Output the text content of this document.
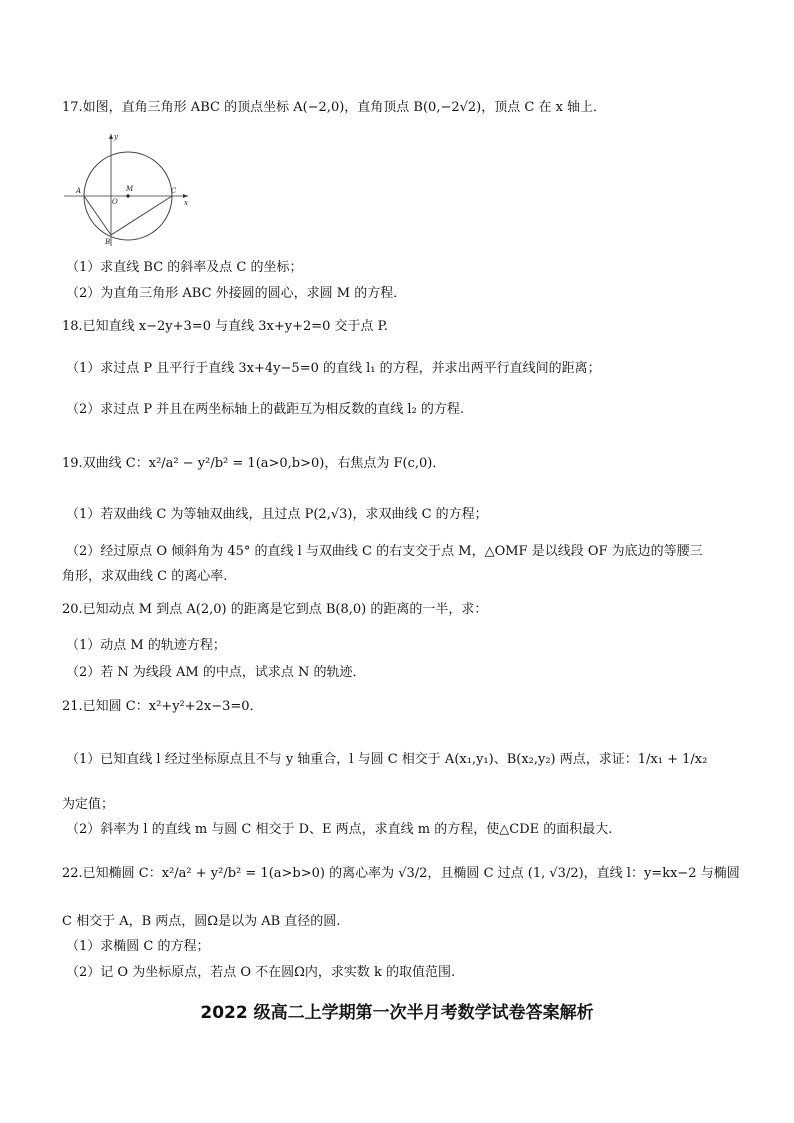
17.如图，直角三角形 ABC 的顶点坐标 A(−2,0)，直角顶点 B(0,−2√2)，顶点 C 在 x 轴上．
y
x
A
O
M	C
B
（1）求直线 BC 的斜率及点 C 的坐标；
（2）为直角三角形 ABC 外接圆的圆心，求圆 M 的方程．
18.已知直线 x−2y+3=0 与直线 3x+y+2=0 交于点 P.
（1）求过点 P 且平行于直线 3x+4y−5=0 的直线 l₁ 的方程，并求出两平行直线间的距离；
（2）求过点 P 并且在两坐标轴上的截距互为相反数的直线 l₂ 的方程.
19.双曲线 C：x²/a² − y²/b² = 1(a>0,b>0)，右焦点为 F(c,0)．
（1）若双曲线 C 为等轴双曲线，且过点 P(2,√3)，求双曲线 C 的方程；
（2）经过原点 O 倾斜角为 45° 的直线 l 与双曲线 C 的右支交于点 M，△OMF 是以线段 OF 为底边的等腰三
角形，求双曲线 C 的离心率.
20.已知动点 M 到点 A(2,0) 的距离是它到点 B(8,0) 的距离的一半，求：
（1）动点 M 的轨迹方程；
（2）若 N 为线段 AM 的中点，试求点 N 的轨迹．
21.已知圆 C：x²+y²+2x−3=0．
（1）已知直线 l 经过坐标原点且不与 y 轴重合，l 与圆 C 相交于 A(x₁,y₁)、B(x₂,y₂) 两点，求证：1/x₁ + 1/x₂
为定值；
（2）斜率为 l 的直线 m 与圆 C 相交于 D、E 两点，求直线 m 的方程，使△CDE 的面积最大.
22.已知椭圆 C：x²/a² + y²/b² = 1(a>b>0) 的离心率为 √3/2，且椭圆 C 过点 (1, √3/2)，直线 l：y=kx−2 与椭圆
C 相交于 A，B 两点，圆Ω是以为 AB 直径的圆.
（1）求椭圆 C 的方程；
（2）记 O 为坐标原点，若点 O 不在圆Ω内，求实数 k 的取值范围.
2022 级高二上学期第一次半月考数学试卷答案解析
